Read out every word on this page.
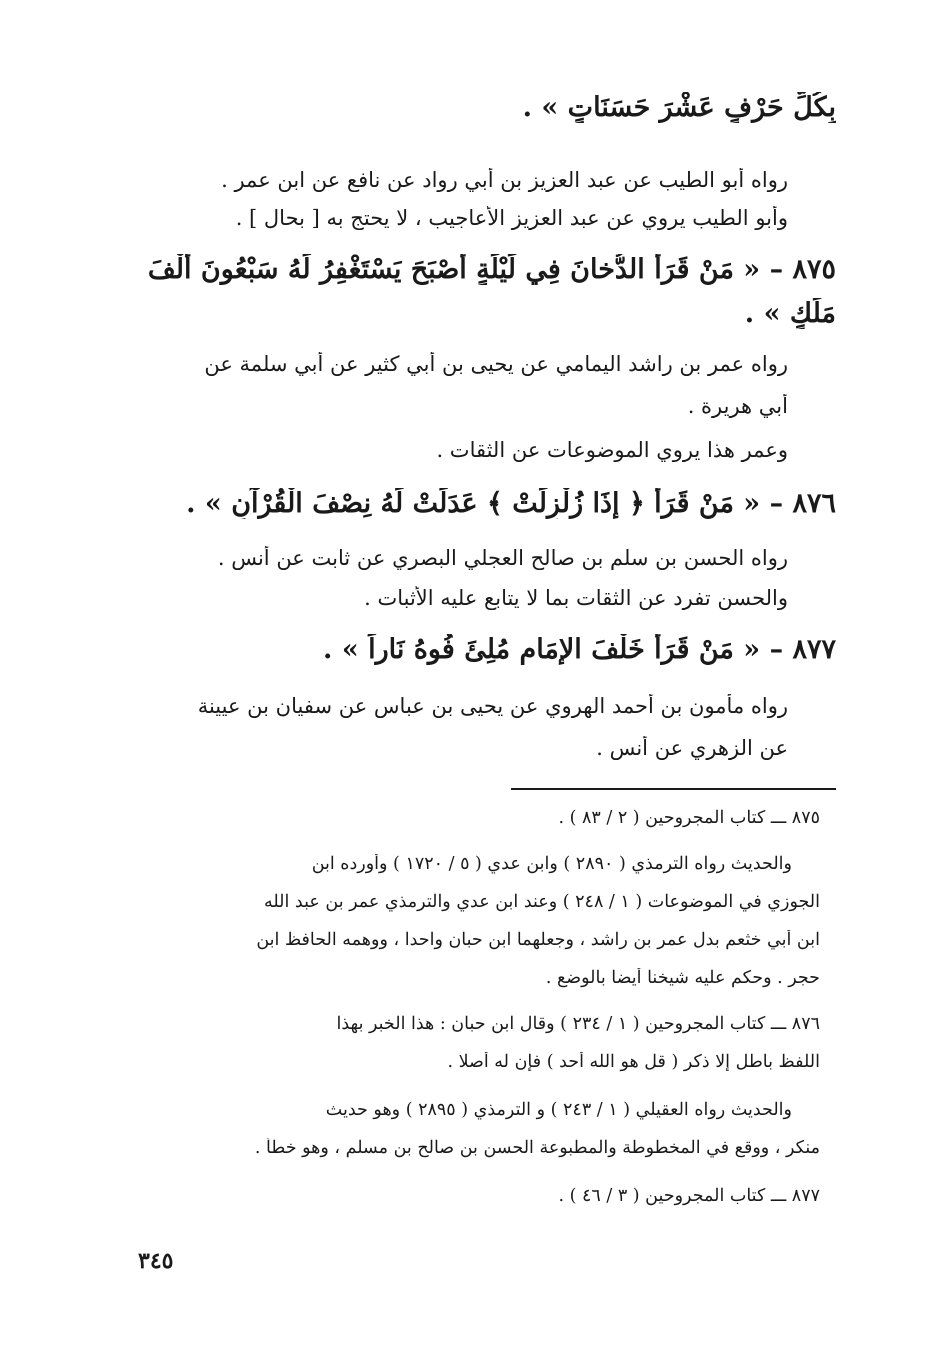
بِكُلِّ حَرْفٍ عَشْرَ حَسَنَاتٍ » .
رواه أبو الطيب عن عبد العزيز بن أبي رواد عن نافع عن ابن عمر .
وأبو الطيب يروي عن عبد العزيز الأعاجيب ، لا يحتج به [ بحال ] .
٨٧٥ – « مَنْ قَرَأَ الدُّخانَ فِي لَيْلَةٍ أَصْبَحَ يَسْتَغْفِرُ لَهُ سَبْعُونَ أَلْفَ
مَلَكٍ » .
رواه عمر بن راشد اليمامي عن يحيى بن أبي كثير عن أبي سلمة عن
أبي هريرة .
وعمر هذا يروي الموضوعات عن الثقات .
٨٧٦ – « مَنْ قَرَأَ ﴿ إِذَا زُلْزِلَتْ ﴾ عَدَلَتْ لَهُ نِصْفَ الْقُرْآنِ » .
رواه الحسن بن سلم بن صالح العجلي البصري عن ثابت عن أنس .
والحسن تفرد عن الثقات بما لا يتابع عليه الأثبات .
٨٧٧ – « مَنْ قَرَأَ خَلْفَ الإِمَامِ مُلِئَ فُوهُ نَاراً » .
رواه مأمون بن أحمد الهروي عن يحيى بن عباس عن سفيان بن عيينة
عن الزهري عن أنس .
٨٧٥ ـــ كتاب المجروحين ( ٢ / ٨٣ ) .
والحديث رواه الترمذي ( ٢٨٩٠ ) وابن عدي ( ٥ / ١٧٢٠ ) وأورده ابن
الجوزي في الموضوعات ( ١ / ٢٤٨ ) وعند ابن عدي والترمذي عمر بن عبد الله
ابن أبي خثعم بدل عمر بن راشد ، وجعلهما ابن حبان واحدا ، ووهمه الحافظ ابن
حجر . وحكم عليه شيخنا أيضا بالوضع .
٨٧٦ ـــ كتاب المجروحين ( ١ / ٢٣٤ ) وقال ابن حبان : هذا الخبر بهذا
اللفظ باطل إلا ذكر ( قل هو الله أحد ) فإن له أصلا .
والحديث رواه العقيلي ( ١ / ٢٤٣ ) و الترمذي ( ٢٨٩٥ ) وهو حديث
منكر ، ووقع في المخطوطة والمطبوعة الحسن بن صالح بن مسلم ، وهو خطأ .
٨٧٧ ـــ كتاب المجروحين ( ٣ / ٤٦ ) .
٣٤٥
